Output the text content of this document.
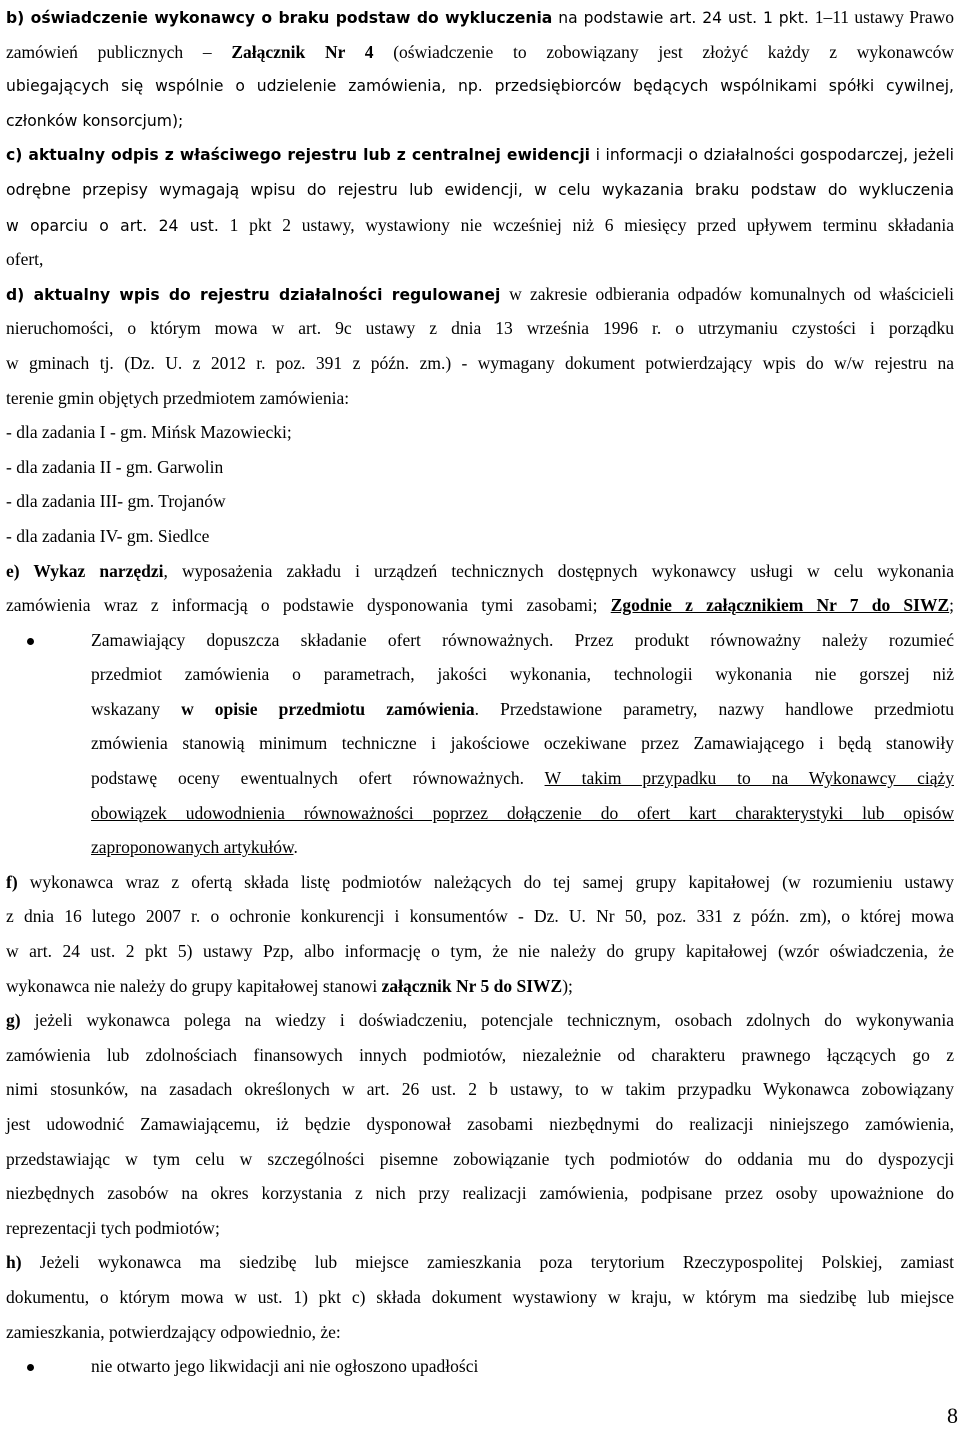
b) oświadczenie wykonawcy o braku podstaw do wykluczenia na podstawie art. 24 ust. 1 pkt. 1–11 ustawy Prawo
zamówień publicznych – Załącznik Nr 4 (oświadczenie to zobowiązany jest złożyć każdy z wykonawców
ubiegających się wspólnie o udzielenie zamówienia, np. przedsiębiorców będących wspólnikami spółki cywilnej,
członków konsorcjum);
c) aktualny odpis z właściwego rejestru lub z centralnej ewidencji i informacji o działalności gospodarczej, jeżeli
odrębne przepisy wymagają wpisu do rejestru lub ewidencji, w celu wykazania braku podstaw do wykluczenia
w oparciu o art. 24 ust. 1 pkt 2 ustawy, wystawiony nie wcześniej niż 6 miesięcy przed upływem terminu składania
ofert,
d) aktualny wpis do rejestru działalności regulowanej w zakresie odbierania odpadów komunalnych od właścicieli
nieruchomości, o którym mowa w art. 9c ustawy z dnia 13 września 1996 r. o utrzymaniu czystości i porządku
w gminach tj. (Dz. U. z 2012 r. poz. 391 z późn. zm.) - wymagany dokument potwierdzający wpis do w/w rejestru na
terenie gmin objętych przedmiotem zamówienia:
- dla zadania I - gm. Mińsk Mazowiecki;
- dla zadania II - gm. Garwolin
- dla zadania III- gm. Trojanów
- dla zadania IV- gm. Siedlce
e) Wykaz narzędzi, wyposażenia zakładu i urządzeń technicznych dostępnych wykonawcy usługi w celu wykonania
zamówienia wraz z informacją o podstawie dysponowania tymi zasobami; Zgodnie z załącznikiem Nr 7 do SIWZ;
Zamawiający dopuszcza składanie ofert równoważnych. Przez produkt równoważny należy rozumieć
przedmiot zamówienia o parametrach, jakości wykonania, technologii wykonania nie gorszej niż
wskazany w opisie przedmiotu zamówienia. Przedstawione parametry, nazwy handlowe przedmiotu
zmówienia stanowią minimum techniczne i jakościowe oczekiwane przez Zamawiającego i będą stanowiły
podstawę oceny ewentualnych ofert równoważnych. W takim przypadku to na Wykonawcy ciąży
obowiązek udowodnienia równoważności poprzez dołączenie do ofert kart charakterystyki lub opisów
zaproponowanych artykułów.
f) wykonawca wraz z ofertą składa listę podmiotów należących do tej samej grupy kapitałowej (w rozumieniu ustawy
z dnia 16 lutego 2007 r. o ochronie konkurencji i konsumentów - Dz. U. Nr 50, poz. 331 z późn. zm), o której mowa
w art. 24 ust. 2 pkt 5) ustawy Pzp, albo informację o tym, że nie należy do grupy kapitałowej (wzór oświadczenia, że
wykonawca nie należy do grupy kapitałowej stanowi załącznik Nr 5 do SIWZ);
g) jeżeli wykonawca polega na wiedzy i doświadczeniu, potencjale technicznym, osobach zdolnych do wykonywania
zamówienia lub zdolnościach finansowych innych podmiotów, niezależnie od charakteru prawnego łączących go z
nimi stosunków, na zasadach określonych w art. 26 ust. 2 b ustawy, to w takim przypadku Wykonawca zobowiązany
jest udowodnić Zamawiającemu, iż będzie dysponował zasobami niezbędnymi do realizacji niniejszego zamówienia,
przedstawiając w tym celu w szczególności pisemne zobowiązanie tych podmiotów do oddania mu do dyspozycji
niezbędnych zasobów na okres korzystania z nich przy realizacji zamówienia, podpisane przez osoby upoważnione do
reprezentacji tych podmiotów;
h) Jeżeli wykonawca ma siedzibę lub miejsce zamieszkania poza terytorium Rzeczypospolitej Polskiej, zamiast
dokumentu, o którym mowa w ust. 1) pkt c) składa dokument wystawiony w kraju, w którym ma siedzibę lub miejsce
zamieszkania, potwierdzający odpowiednio, że:
nie otwarto jego likwidacji ani nie ogłoszono upadłości
8
